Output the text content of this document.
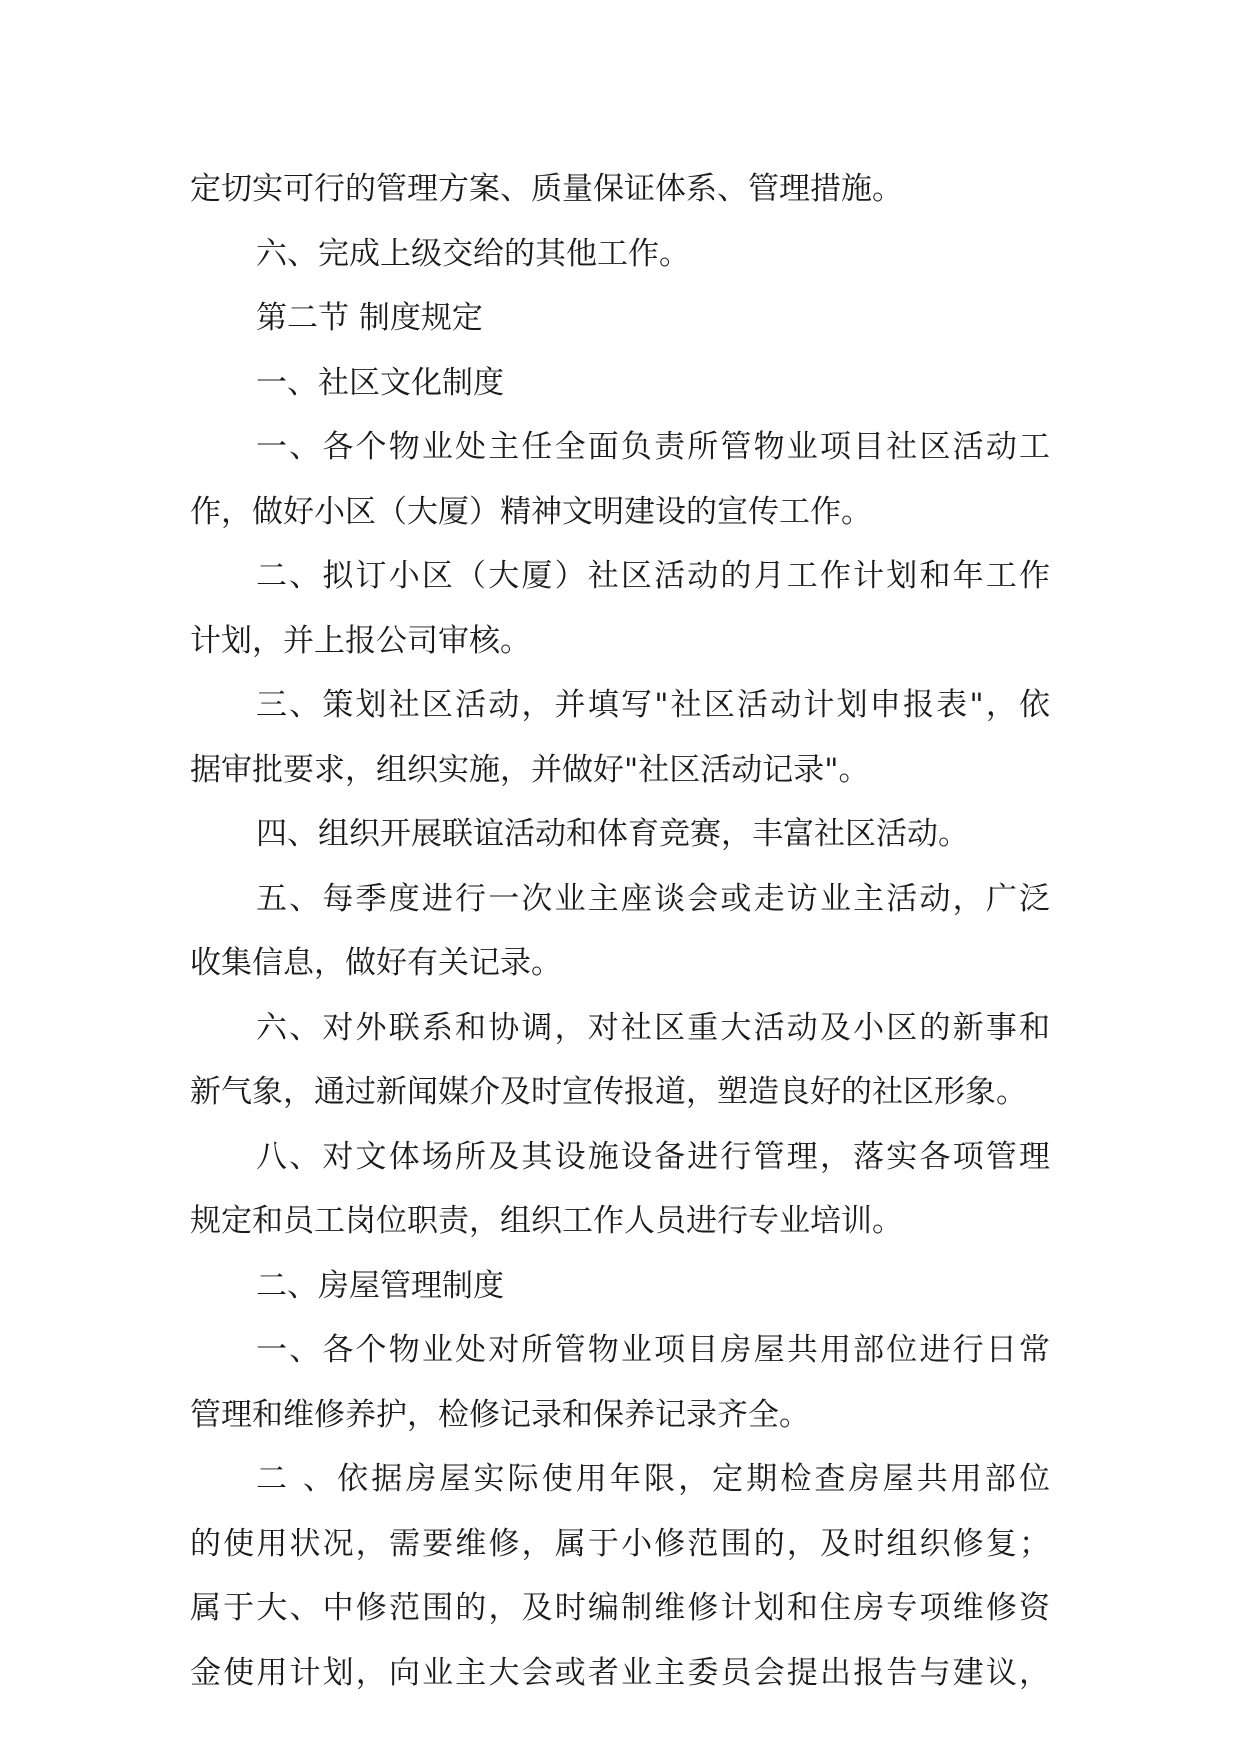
定切实可行的管理方案、质量保证体系、管理措施。
六、完成上级交给的其他工作。
第二节 制度规定
一、社区文化制度
一、各个物业处主任全面负责所管物业项目社区活动工
作，做好小区（大厦）精神文明建设的宣传工作。
二、拟订小区（大厦）社区活动的月工作计划和年工作
计划，并上报公司审核。
三、策划社区活动，并填写"社区活动计划申报表"，依
据审批要求，组织实施，并做好"社区活动记录"。
四、组织开展联谊活动和体育竞赛，丰富社区活动。
五、每季度进行一次业主座谈会或走访业主活动，广泛
收集信息，做好有关记录。
六、对外联系和协调，对社区重大活动及小区的新事和
新气象，通过新闻媒介及时宣传报道，塑造良好的社区形象。
八、对文体场所及其设施设备进行管理，落实各项管理
规定和员工岗位职责，组织工作人员进行专业培训。
二、房屋管理制度
一、各个物业处对所管物业项目房屋共用部位进行日常
管理和维修养护，检修记录和保养记录齐全。
二 、依据房屋实际使用年限，定期检查房屋共用部位
的使用状况，需要维修，属于小修范围的，及时组织修复；
属于大、中修范围的，及时编制维修计划和住房专项维修资
金使用计划，向业主大会或者业主委员会提出报告与建议，
